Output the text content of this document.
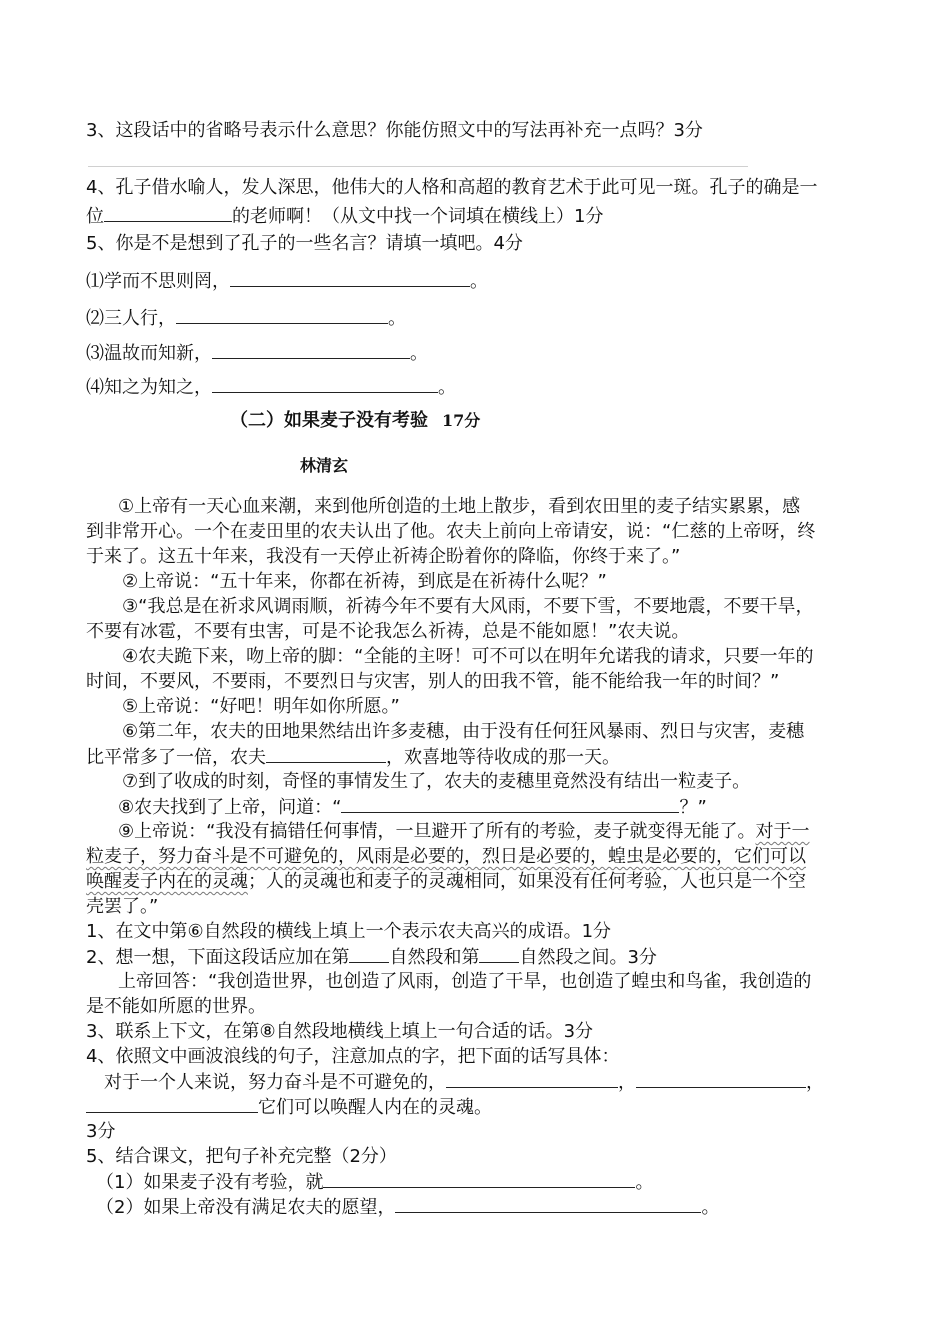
3、这段话中的省略号表示什么意思？你能仿照文中的写法再补充一点吗？3分
4、孔子借水喻人，发人深思，他伟大的人格和高超的教育艺术于此可见一斑。孔子的确是一
位	的老师啊！（从文中找一个词填在横线上）1分
5、你是不是想到了孔子的一些名言？请填一填吧。4分
⑴学而不思则罔，	。
⑵三人行，	。
⑶温故而知新，	。
⑷知之为知之，	。
（二）如果麦子没有考验 17分
林清玄
①上帝有一天心血来潮，来到他所创造的土地上散步，看到农田里的麦子结实累累，感
到非常开心。一个在麦田里的农夫认出了他。农夫上前向上帝请安，说：“仁慈的上帝呀，终
于来了。这五十年来，我没有一天停止祈祷企盼着你的降临，你终于来了。”
②上帝说：“五十年来，你都在祈祷，到底是在祈祷什么呢？”
③“我总是在祈求风调雨顺，祈祷今年不要有大风雨，不要下雪，不要地震，不要干旱，
不要有冰雹，不要有虫害，可是不论我怎么祈祷，总是不能如愿！”农夫说。
④农夫跪下来，吻上帝的脚：“全能的主呀！可不可以在明年允诺我的请求，只要一年的
时间，不要风，不要雨，不要烈日与灾害，别人的田我不管，能不能给我一年的时间？”
⑤上帝说：“好吧！明年如你所愿。”
⑥第二年，农夫的田地果然结出许多麦穗，由于没有任何狂风暴雨、烈日与灾害，麦穗
比平常多了一倍，农夫	，欢喜地等待收成的那一天。
⑦到了收成的时刻，奇怪的事情发生了，农夫的麦穗里竟然没有结出一粒麦子。
⑧农夫找到了上帝，问道：“	？”
⑨上帝说：“我没有搞错任何事情，一旦避开了所有的考验，麦子就变得无能了。对于一
粒麦子，努力奋斗是不可避免的，风雨是必要的，烈日是必要的，蝗虫是必要的，它们可以
唤醒麦子内在的灵魂；人的灵魂也和麦子的灵魂相同，如果没有任何考验，人也只是一个空
壳罢了。”
1、在文中第⑥自然段的横线上填上一个表示农夫高兴的成语。1分
2、想一想，下面这段话应加在第 自然段和第 自然段之间。3分
上帝回答：“我创造世界，也创造了风雨，创造了干旱，也创造了蝗虫和鸟雀，我创造的
是不能如所愿的世界。
3、联系上下文，在第⑧自然段地横线上填上一句合适的话。3分
4、依照文中画波浪线的句子，注意加点的字，把下面的话写具体：
对于一个人来说，努力奋斗是不可避免的，	，	，
它们可以唤醒人内在的灵魂。
3分
5、结合课文，把句子补充完整（2分）
（1）如果麦子没有考验，就	。
（2）如果上帝没有满足农夫的愿望，	。
